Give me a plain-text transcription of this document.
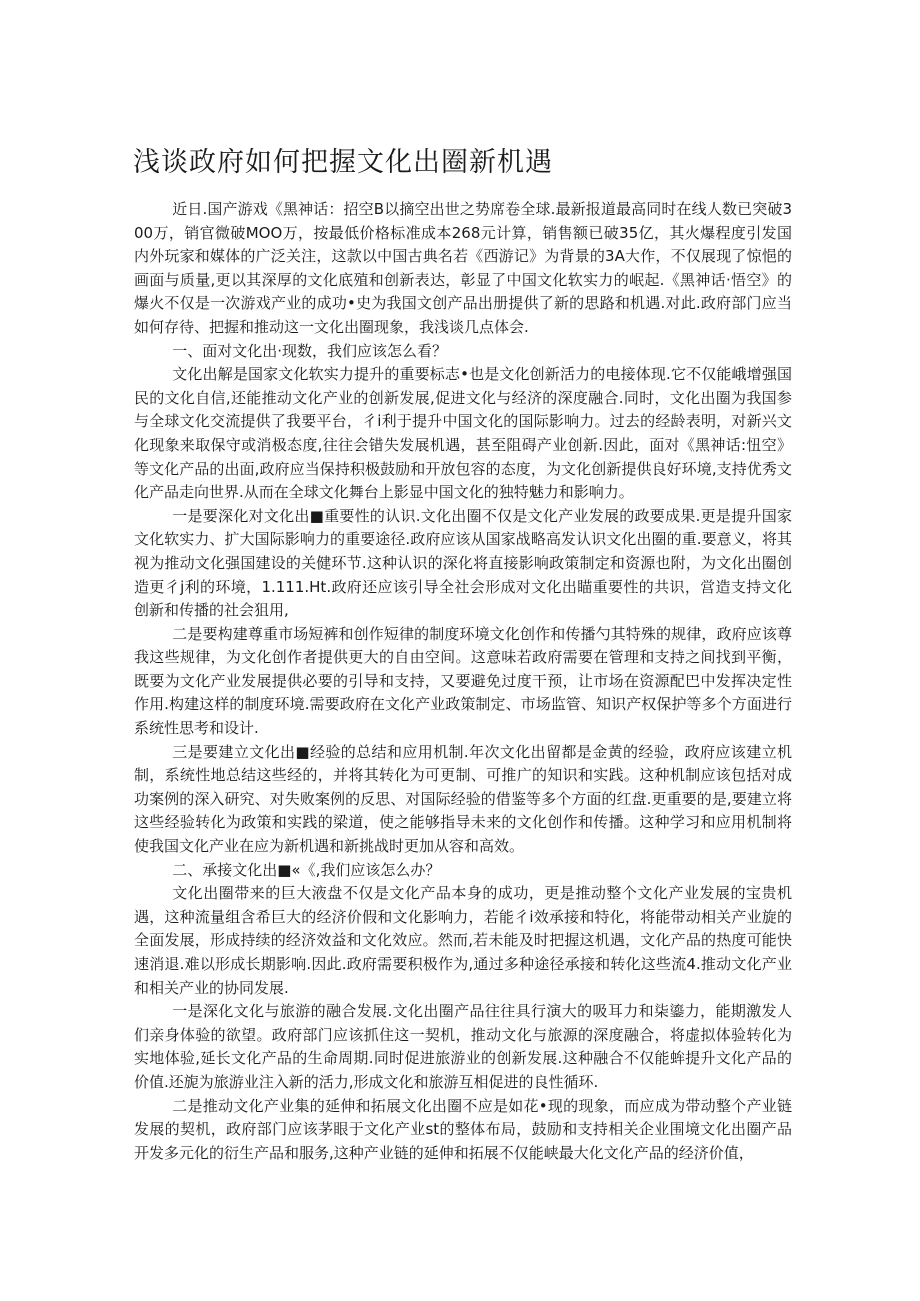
浅谈政府如何把握文化出圈新机遇

近日.国产游戏《黑神话：招空B以摘空出世之势席卷全球.最新报道最高同时在线人数已突破300万，销官微破MOO万，按最低价格标准成本268元计算，销售额已破35亿，其火爆程度引发国内外玩家和媒体的广泛关注，这款以中国古典名若《西游记》为背景的3A大作，不仅展现了惊悒的画面与质量,更以其深厚的文化底殖和创新表达，彰显了中国文化软实力的岷起.《黑神话·悟空》的爆火不仅是一次游戏产业的成功•史为我国文创产品出册提供了新的思路和机遇.对此.政府部门应当如何存待、把握和推动这一文化出圈现象，我浅谈几点体会.

一、面对文化出·现数，我们应该怎么看？

文化出解是国家文化软实力提升的重要标志•也是文化创新活力的电接体现.它不仅能峨增强国民的文化自信,还能推动文化产业的创新发展,促进文化与经济的深度融合.同时，文化出圈为我国参与全球文化交流提供了我要平台，彳i利于提升中国文化的国际影响力。过去的经龄表明，对新兴文化现象来取保守或消极态度,往往会错失发展机遇，甚至阻碍产业创新.因此，面对《黑神话:忸空》等文化产品的出面,政府应当保持积极鼓励和开放包容的态度，为文化创新提供良好环境,支持优秀文化产品走向世界.从而在全球文化舞台上影显中国文化的独特魅力和影响力。

一是要深化对文化出■重要性的认识.文化出圈不仅是文化产业发展的政要成果.更是提升国家文化软实力、扩大国际影响力的重要途径.政府应该从国家战略高发认识文化出圈的重.要意义，将其视为推动文化强国建设的关健环节.这种认识的深化将直接影响政策制定和资源也附，为文化出圈创造更彳j利的环境，1.111.Ht.政府还应该引导全社会形成对文化出瞄重要性的共识，営造支持文化创新和传播的社会狙用,

二是要构建尊重市场短裤和创作短律的制度环境文化创作和传播勺其特殊的规律，政府应该尊我这些规律，为文化创作者提供更大的自由空间。这意味若政府需要在管理和支持之间找到平衡，既要为文化产业发展提供必要的引导和支持，又要避免过度干预，让市场在资源配巴中发挥决定性作用.构建这样的制度环境.需要政府在文化产业政策制定、市场监管、知识产权保护等多个方面进行系统性思考和设计.

三是要建立文化出■经验的总结和应用机制.年次文化出留都是金黄的经验，政府应该建立机制，系统性地总结这些经的，并将其转化为可更制、可推广的知识和实践。这种机制应该包括对成功案例的深入研究、对失败案例的反思、对国际经验的借鉴等多个方面的红盘.更重要的是,要建立将这些经验转化为政策和实践的梁道，使之能够指导未来的文化创作和传播。这种学习和应用机制将使我国文化产业在应为新机遇和新挑战时更加从容和高效。

二、承接文化出■«《,我们应该怎么办？

文化出圈带来的巨大液盘不仅是文化产品本身的成功，更是推动整个文化产业发展的宝贵机遇，这种流量组含希巨大的经济价假和文化影响力，若能彳i效承接和特化，将能带动相关产业旋的全面发展，形成持续的经济效益和文化效应。然而,若未能及时把握这机遇，文化产品的热度可能快速消退.难以形成长期影响.因此.政府需要积极作为,通过多种途径承接和转化这些流4.推动文化产业和相关产业的协同发展.

一是深化文化与旅游的融合发展.文化出圈产品往往具行演大的吸耳力和柒鎏力，能期激发人们亲身体验的欲望。政府部门应该抓住这一契机，推动文化与旅源的深度融合，将虚拟体验转化为实地体验,延长文化产品的生命周期.同时促进旅游业的创新发展.这种融合不仅能蛑提升文化产品的价值.还旎为旅游业注入新的活力,形成文化和旅游互相促进的良性循环.

二是推动文化产业集的延伸和拓展文化出圈不应是如花•现的现象，而应成为带动整个产业链发展的契机，政府部门应该茅眼于文化产业st的整体布局，鼓励和支持相关企业围境文化出圈产品开发多元化的衍生产品和服务,这种产业链的延伸和拓展不仅能峡最大化文化产品的经济价值，
